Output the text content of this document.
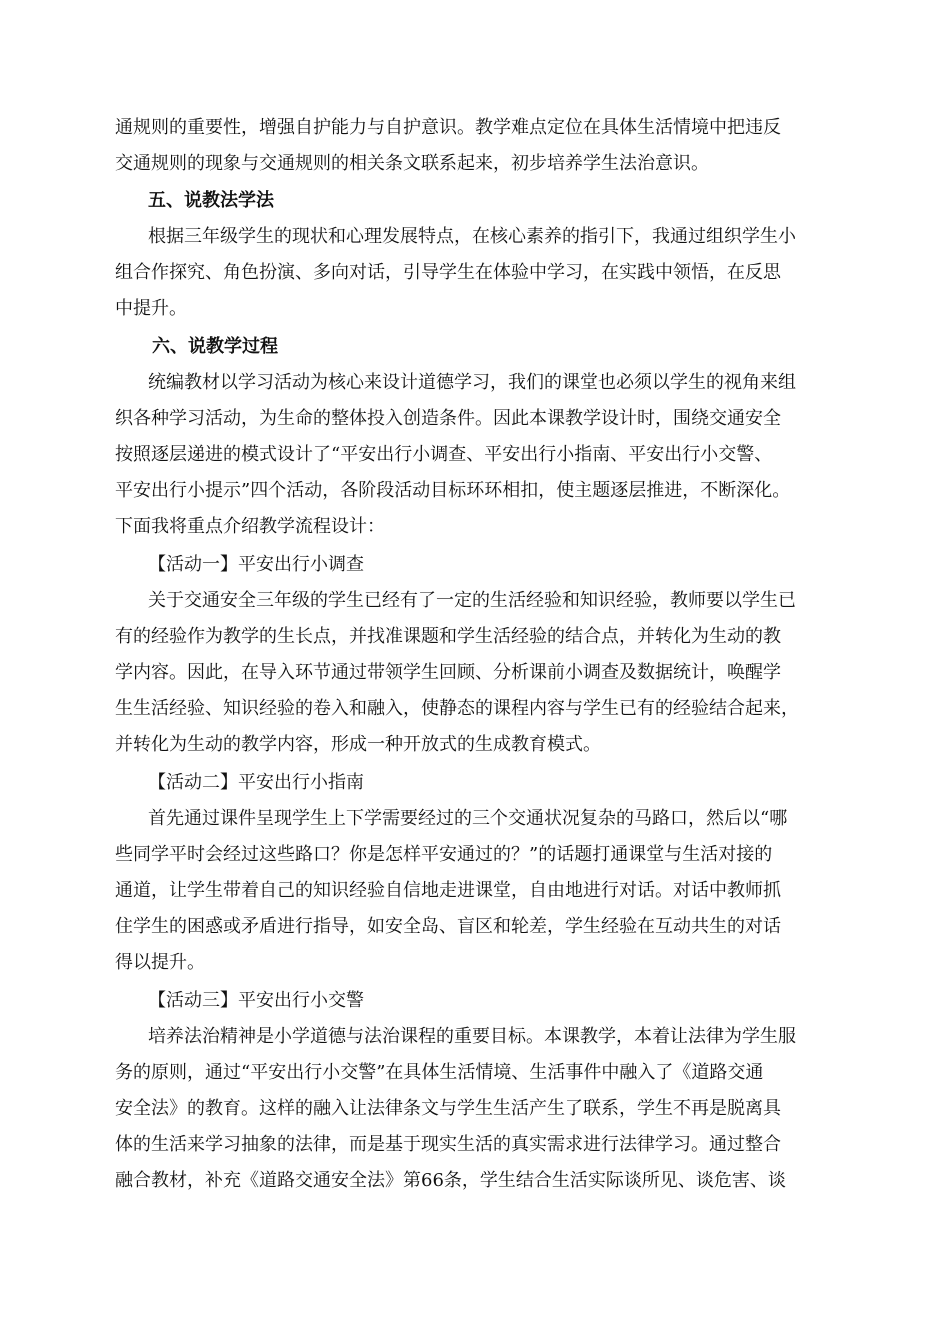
通规则的重要性，增强自护能力与自护意识。教学难点定位在具体生活情境中把违反
交通规则的现象与交通规则的相关条文联系起来，初步培养学生法治意识。
五、说教法学法
根据三年级学生的现状和心理发展特点，在核心素养的指引下，我通过组织学生小
组合作探究、角色扮演、多向对话，引导学生在体验中学习，在实践中领悟，在反思
中提升。
六、说教学过程
统编教材以学习活动为核心来设计道德学习，我们的课堂也必须以学生的视角来组
织各种学习活动，为生命的整体投入创造条件。因此本课教学设计时，围绕交通安全
按照逐层递进的模式设计了“平安出行小调查、平安出行小指南、平安出行小交警、
平安出行小提示”四个活动，各阶段活动目标环环相扣，使主题逐层推进，不断深化。
下面我将重点介绍教学流程设计：
【活动一】平安出行小调查
关于交通安全三年级的学生已经有了一定的生活经验和知识经验，教师要以学生已
有的经验作为教学的生长点，并找准课题和学生活经验的结合点，并转化为生动的教
学内容。因此，在导入环节通过带领学生回顾、分析课前小调查及数据统计，唤醒学
生生活经验、知识经验的卷入和融入，使静态的课程内容与学生已有的经验结合起来，
并转化为生动的教学内容，形成一种开放式的生成教育模式。
【活动二】平安出行小指南
首先通过课件呈现学生上下学需要经过的三个交通状况复杂的马路口，然后以“哪
些同学平时会经过这些路口？你是怎样平安通过的？”的话题打通课堂与生活对接的
通道，让学生带着自己的知识经验自信地走进课堂，自由地进行对话。对话中教师抓
住学生的困惑或矛盾进行指导，如安全岛、盲区和轮差，学生经验在互动共生的对话
得以提升。
【活动三】平安出行小交警
培养法治精神是小学道德与法治课程的重要目标。本课教学，本着让法律为学生服
务的原则，通过“平安出行小交警”在具体生活情境、生活事件中融入了《道路交通
安全法》的教育。这样的融入让法律条文与学生生活产生了联系，学生不再是脱离具
体的生活来学习抽象的法律，而是基于现实生活的真实需求进行法律学习。通过整合
融合教材，补充《道路交通安全法》第66条，学生结合生活实际谈所见、谈危害、谈
